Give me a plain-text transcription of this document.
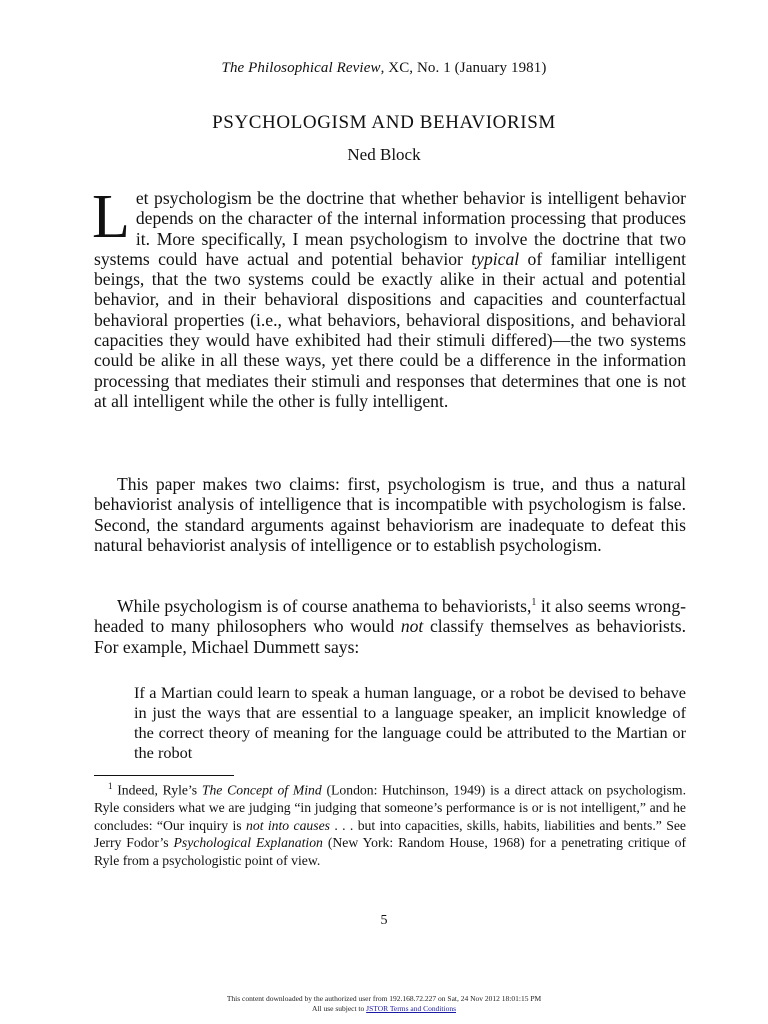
The Philosophical Review, XC, No. 1 (January 1981)
PSYCHOLOGISM AND BEHAVIORISM
Ned Block

Let psychologism be the doctrine that whether behavior is intelligent behavior depends on the character of the internal information processing that produces it. More specifically, I mean psychologism to involve the doctrine that two systems could have actual and potential behavior typical of familiar intelligent beings, that the two systems could be exactly alike in their actual and potential behavior, and in their behavioral dispositions and capacities and counterfactual behavioral properties (i.e., what behaviors, behavioral dispositions, and behavioral capacities they would have exhibited had their stimuli differed)—the two systems could be alike in all these ways, yet there could be a difference in the information processing that mediates their stimuli and responses that determines that one is not at all intelligent while the other is fully intelligent.

This paper makes two claims: first, psychologism is true, and thus a natural behaviorist analysis of intelligence that is incompatible with psychologism is false. Second, the standard arguments against behaviorism are inadequate to defeat this natural behaviorist analysis of intelligence or to establish psychologism.

While psychologism is of course anathema to behaviorists,$^1$ it also seems wrong-headed to many philosophers who would not classify themselves as behaviorists. For example, Michael Dummett says:

If a Martian could learn to speak a human language, or a robot be devised to behave in just the ways that are essential to a language speaker, an implicit knowledge of the correct theory of meaning for the language could be attributed to the Martian or the robot
$^1$ Indeed, Ryle’s The Concept of Mind (London: Hutchinson, 1949) is a direct attack on psychologism. Ryle considers what we are judging “in judging that someone’s performance is or is not intelligent,” and he concludes: “Our inquiry is not into causes . . . but into capacities, skills, habits, liabilities and bents.” See Jerry Fodor’s Psychological Explanation (New York: Random House, 1968) for a penetrating critique of Ryle from a psychologistic point of view.
5
This content downloaded by the authorized user from 192.168.72.227 on Sat, 24 Nov 2012 18:01:15 PM
All use subject to JSTOR Terms and Conditions
